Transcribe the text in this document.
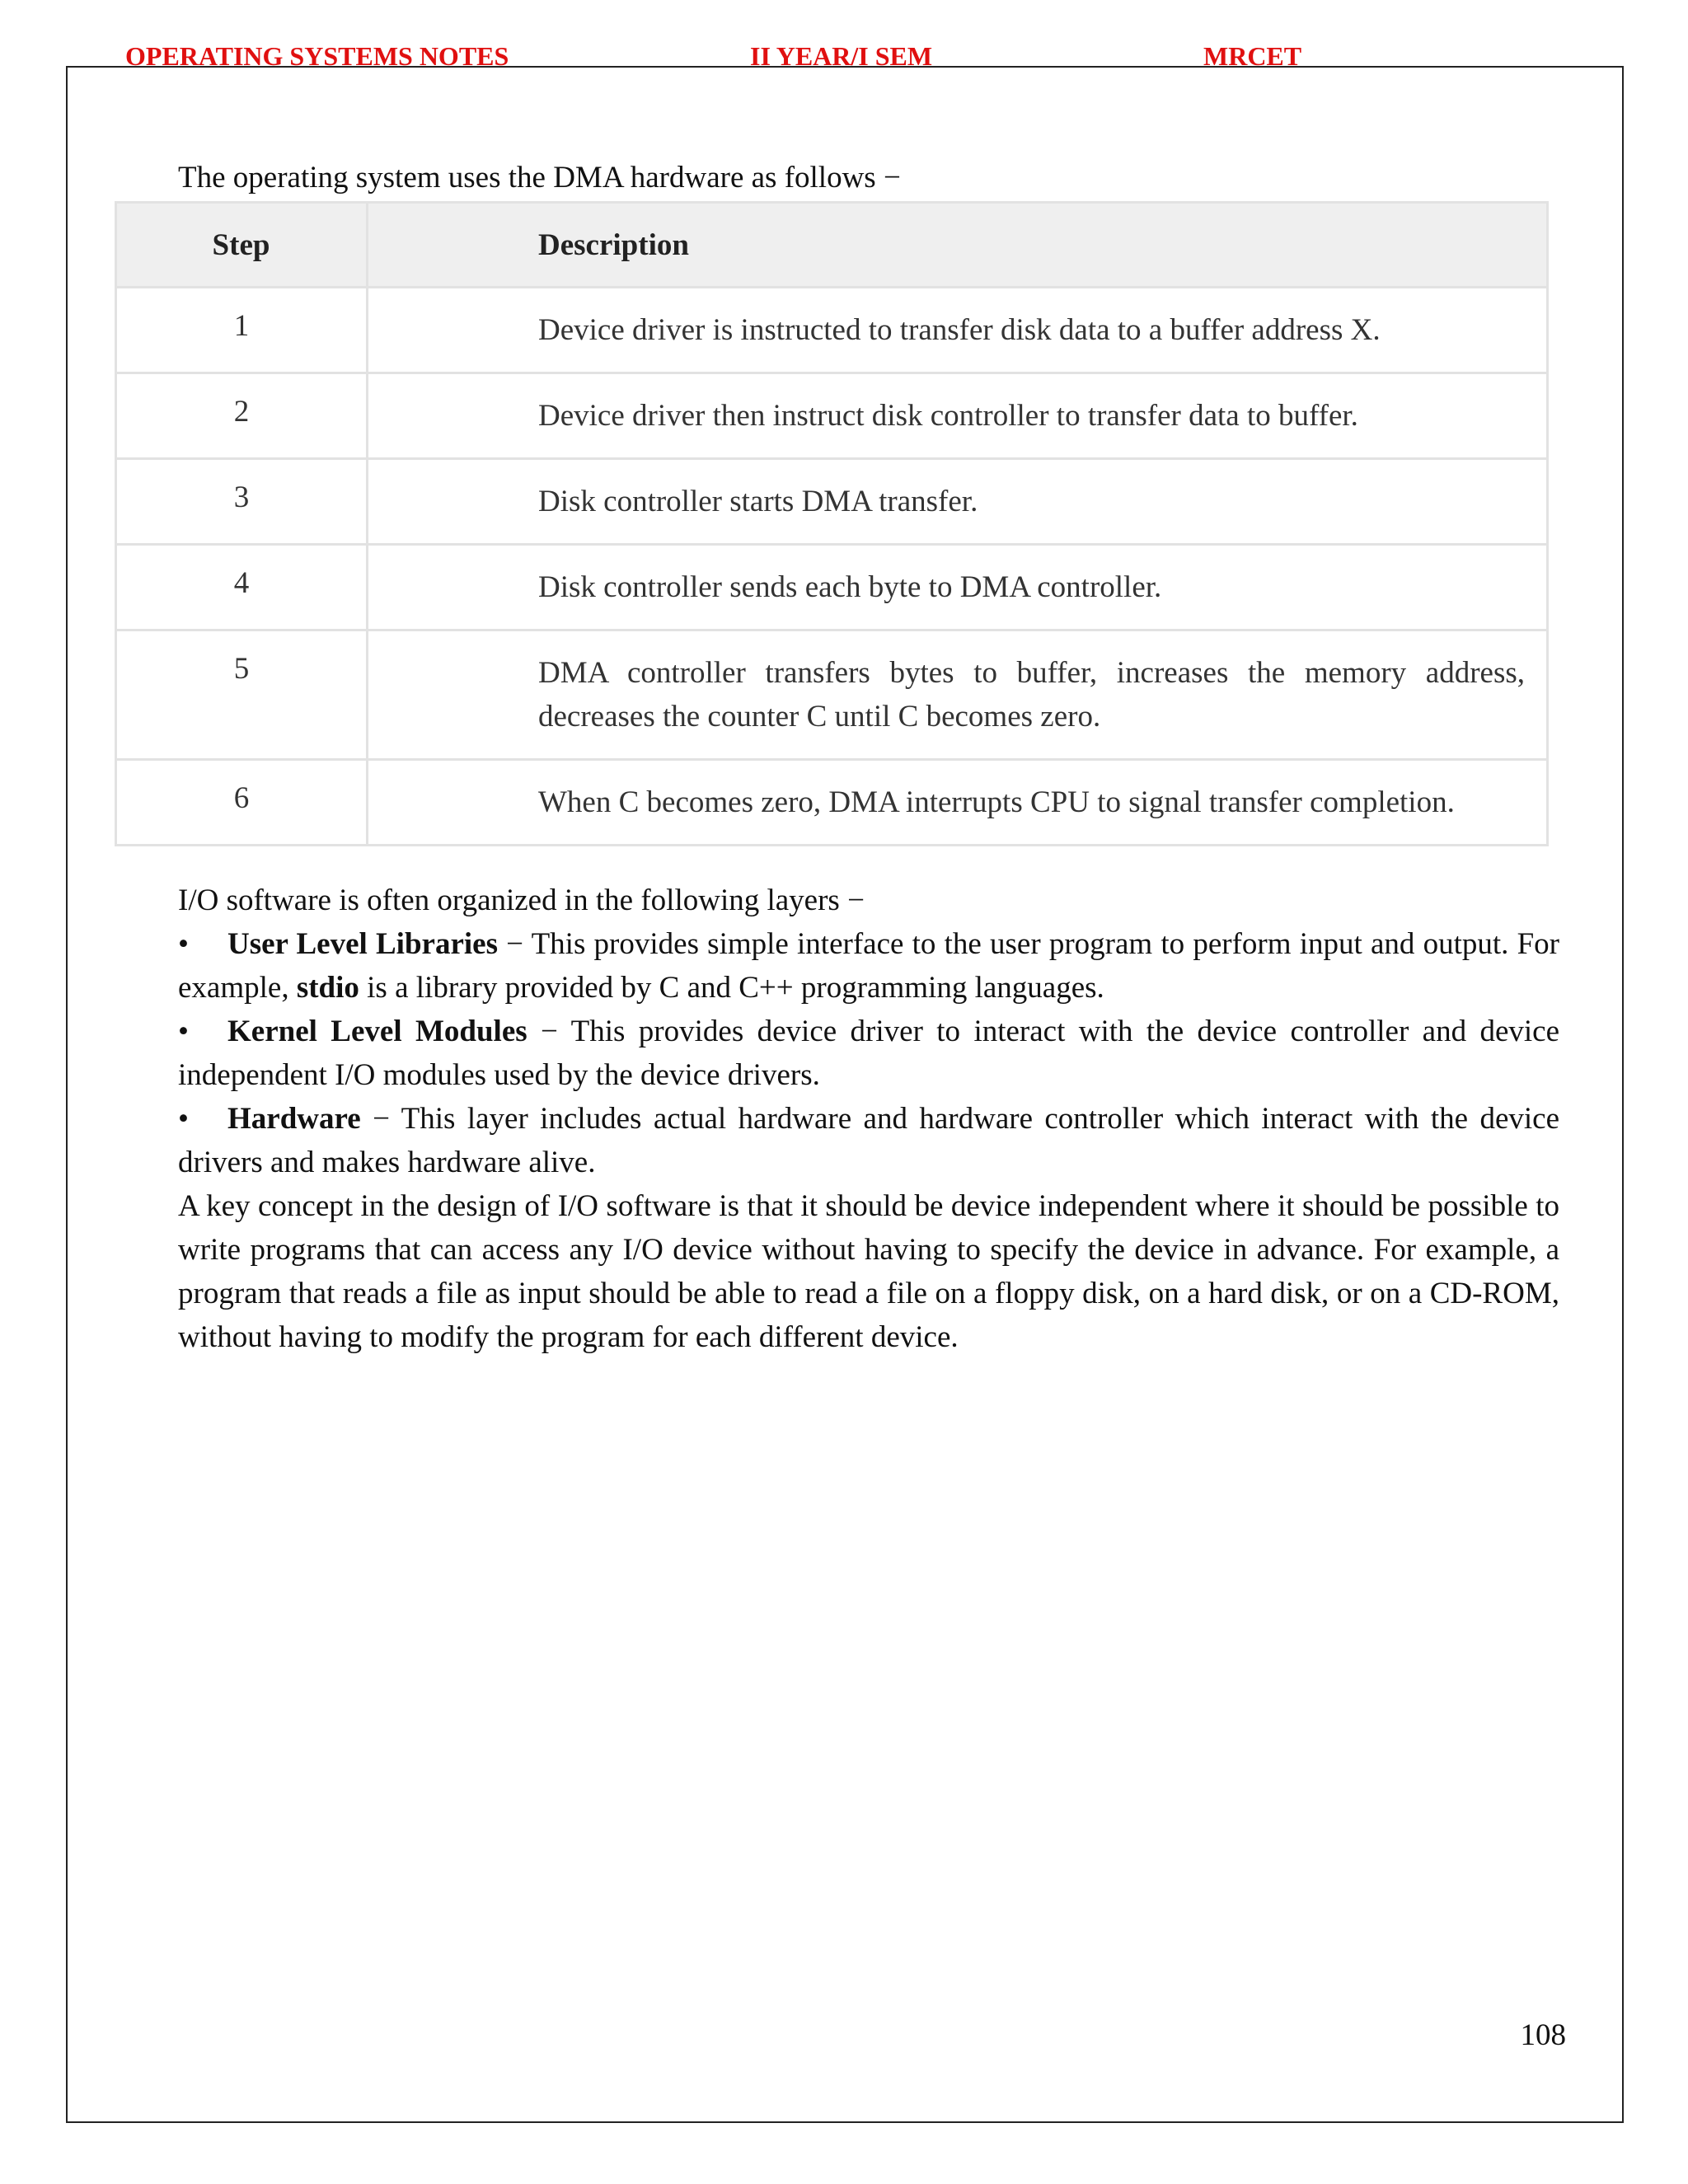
OPERATING SYSTEMS NOTES	II YEAR/I SEM	MRCET
The operating system uses the DMA hardware as follows −
Step	Description
1	Device driver is instructed to transfer disk data to a buffer address X.
2	Device driver then instruct disk controller to transfer data to buffer.
3	Disk controller starts DMA transfer.
4	Disk controller sends each byte to DMA controller.
5	DMA controller transfers bytes to buffer, increases the memory address, decreases the counter C until C becomes zero.
6	When C becomes zero, DMA interrupts CPU to signal transfer completion.

I/O software is often organized in the following layers −

• User Level Libraries − This provides simple interface to the user program to perform input and output. For example, stdio is a library provided by C and C++ programming languages.

• Kernel Level Modules − This provides device driver to interact with the device controller and device independent I/O modules used by the device drivers.

• Hardware − This layer includes actual hardware and hardware controller which interact with the device drivers and makes hardware alive.

A key concept in the design of I/O software is that it should be device independent where it should be possible to write programs that can access any I/O device without having to specify the device in advance. For example, a program that reads a file as input should be able to read a file on a floppy disk, on a hard disk, or on a CD-ROM, without having to modify the program for each different device.

108
